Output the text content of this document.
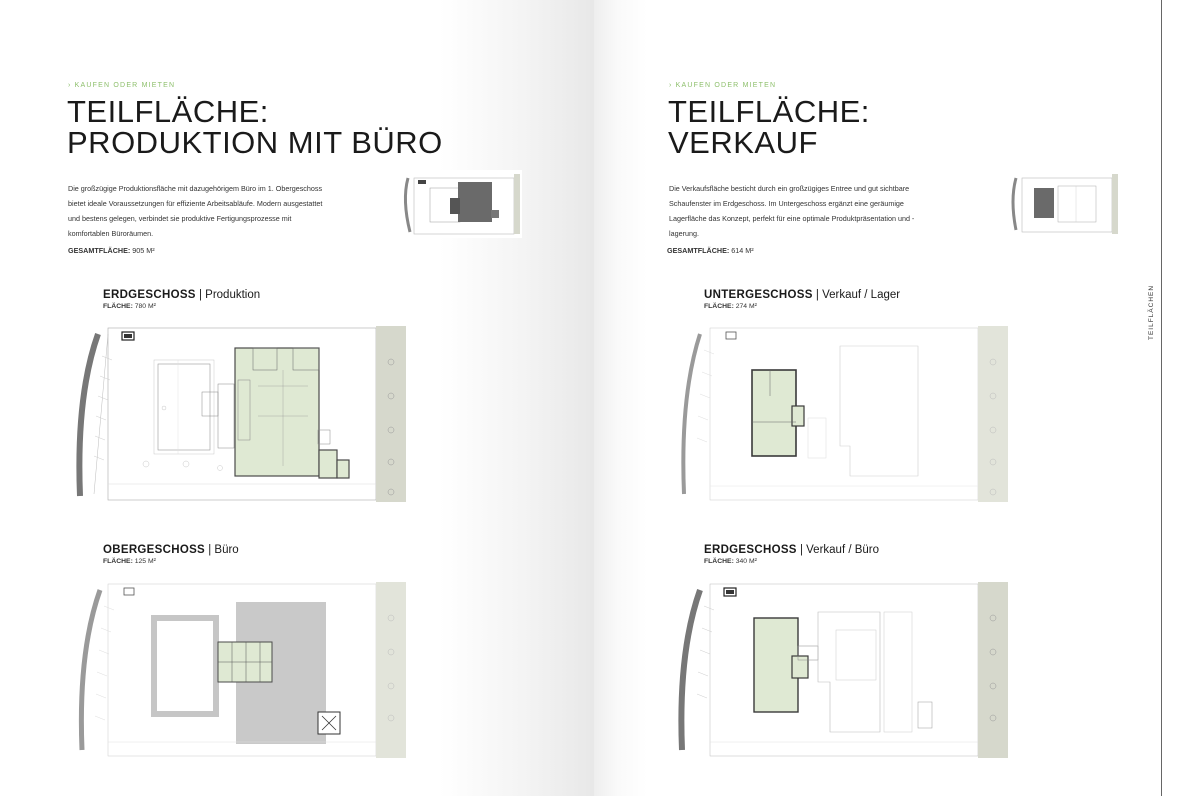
› KAUFEN ODER MIETEN
TEILFLÄCHE:
PRODUKTION MIT BÜRO
Die großzügige Produktionsfläche mit dazugehörigem Büro im 1. Obergeschoss bietet ideale Voraussetzungen für effiziente Arbeitsabläufe. Modern ausgestattet und bestens gelegen, verbindet sie produktive Fertigungsprozesse mit komfortablen Büroräumen.
GESAMTFLÄCHE: 905 M²
ERDGESCHOSS | Produktion
FLÄCHE: 780 M²
OBERGESCHOSS | Büro
FLÄCHE: 125 M²
› KAUFEN ODER MIETEN
TEILFLÄCHE:
VERKAUF
Die Verkaufsfläche besticht durch ein großzügiges Entree und gut sichtbare Schaufenster im Erdgeschoss. Im Untergeschoss ergänzt eine geräumige Lagerfläche das Konzept, perfekt für eine optimale Produktpräsentation und -lagerung.
GESAMTFLÄCHE: 614 M²
UNTERGESCHOSS | Verkauf / Lager
FLÄCHE: 274 M²
ERDGESCHOSS | Verkauf / Büro
FLÄCHE: 340 M²
TEILFLÄCHEN
